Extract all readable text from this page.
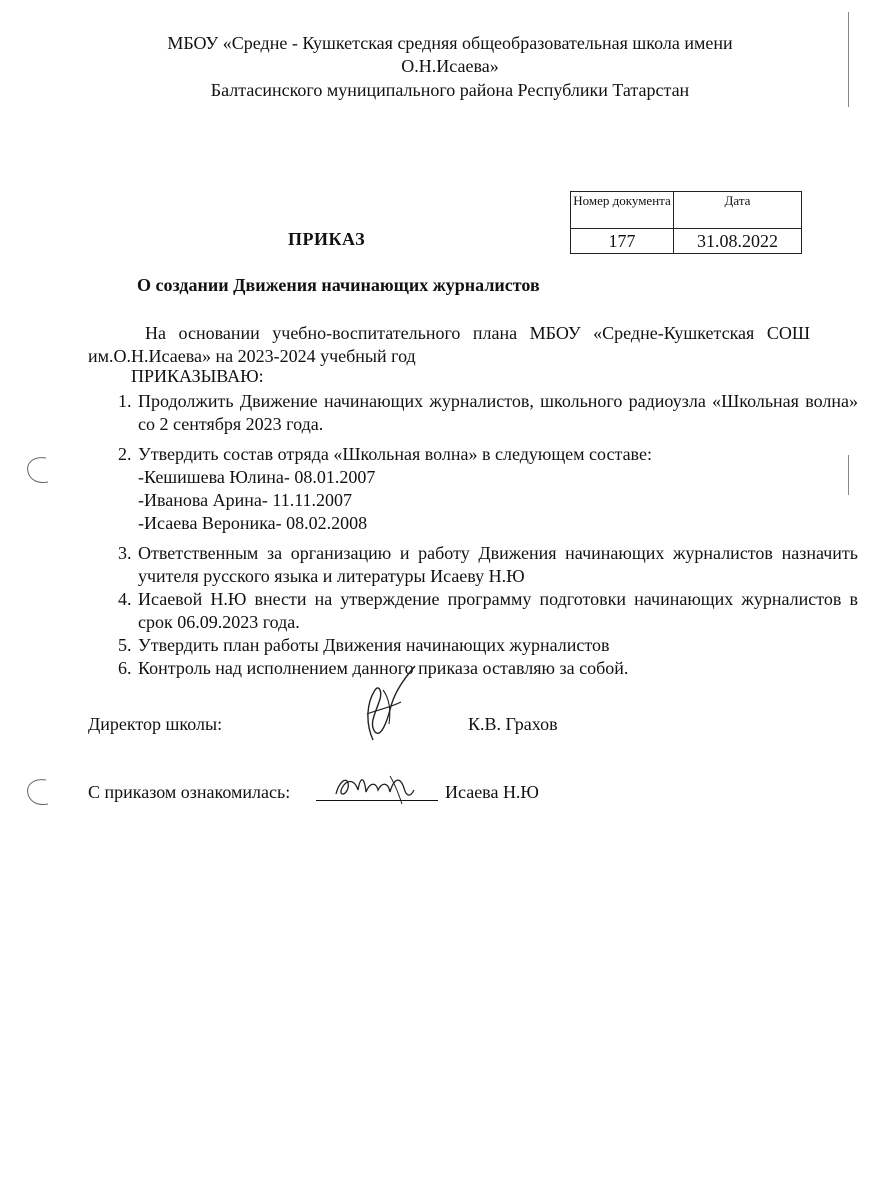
МБОУ «Средне - Кушкетская средняя общеобразовательная школа имени
О.Н.Исаева»
Балтасинского муниципального района Республики Татарстан
Номер документа	Дата
177	31.08.2022
ПРИКАЗ
О создании Движения начинающих журналистов
На основании учебно-воспитательного плана МБОУ «Средне-Кушкетская СОШ им.О.Н.Исаева» на 2023-2024 учебный год
ПРИКАЗЫВАЮ:
1. Продолжить Движение начинающих журналистов, школьного радиоузла «Школьная волна» со 2 сентября 2023 года.
2. Утвердить состав отряда «Школьная волна» в следующем составе:
-Кешишева Юлина- 08.01.2007
-Иванова Арина- 11.11.2007
-Исаева Вероника- 08.02.2008
3. Ответственным за организацию и работу Движения начинающих журналистов назначить учителя русского языка и литературы Исаеву Н.Ю
4. Исаевой Н.Ю внести на утверждение программу подготовки начинающих журналистов в срок 06.09.2023 года.
5. Утвердить план работы Движения начинающих журналистов
6. Контроль над исполнением данного приказа оставляю за собой.
Директор школы:	К.В. Грахов
С приказом ознакомилась:	Исаева Н.Ю
